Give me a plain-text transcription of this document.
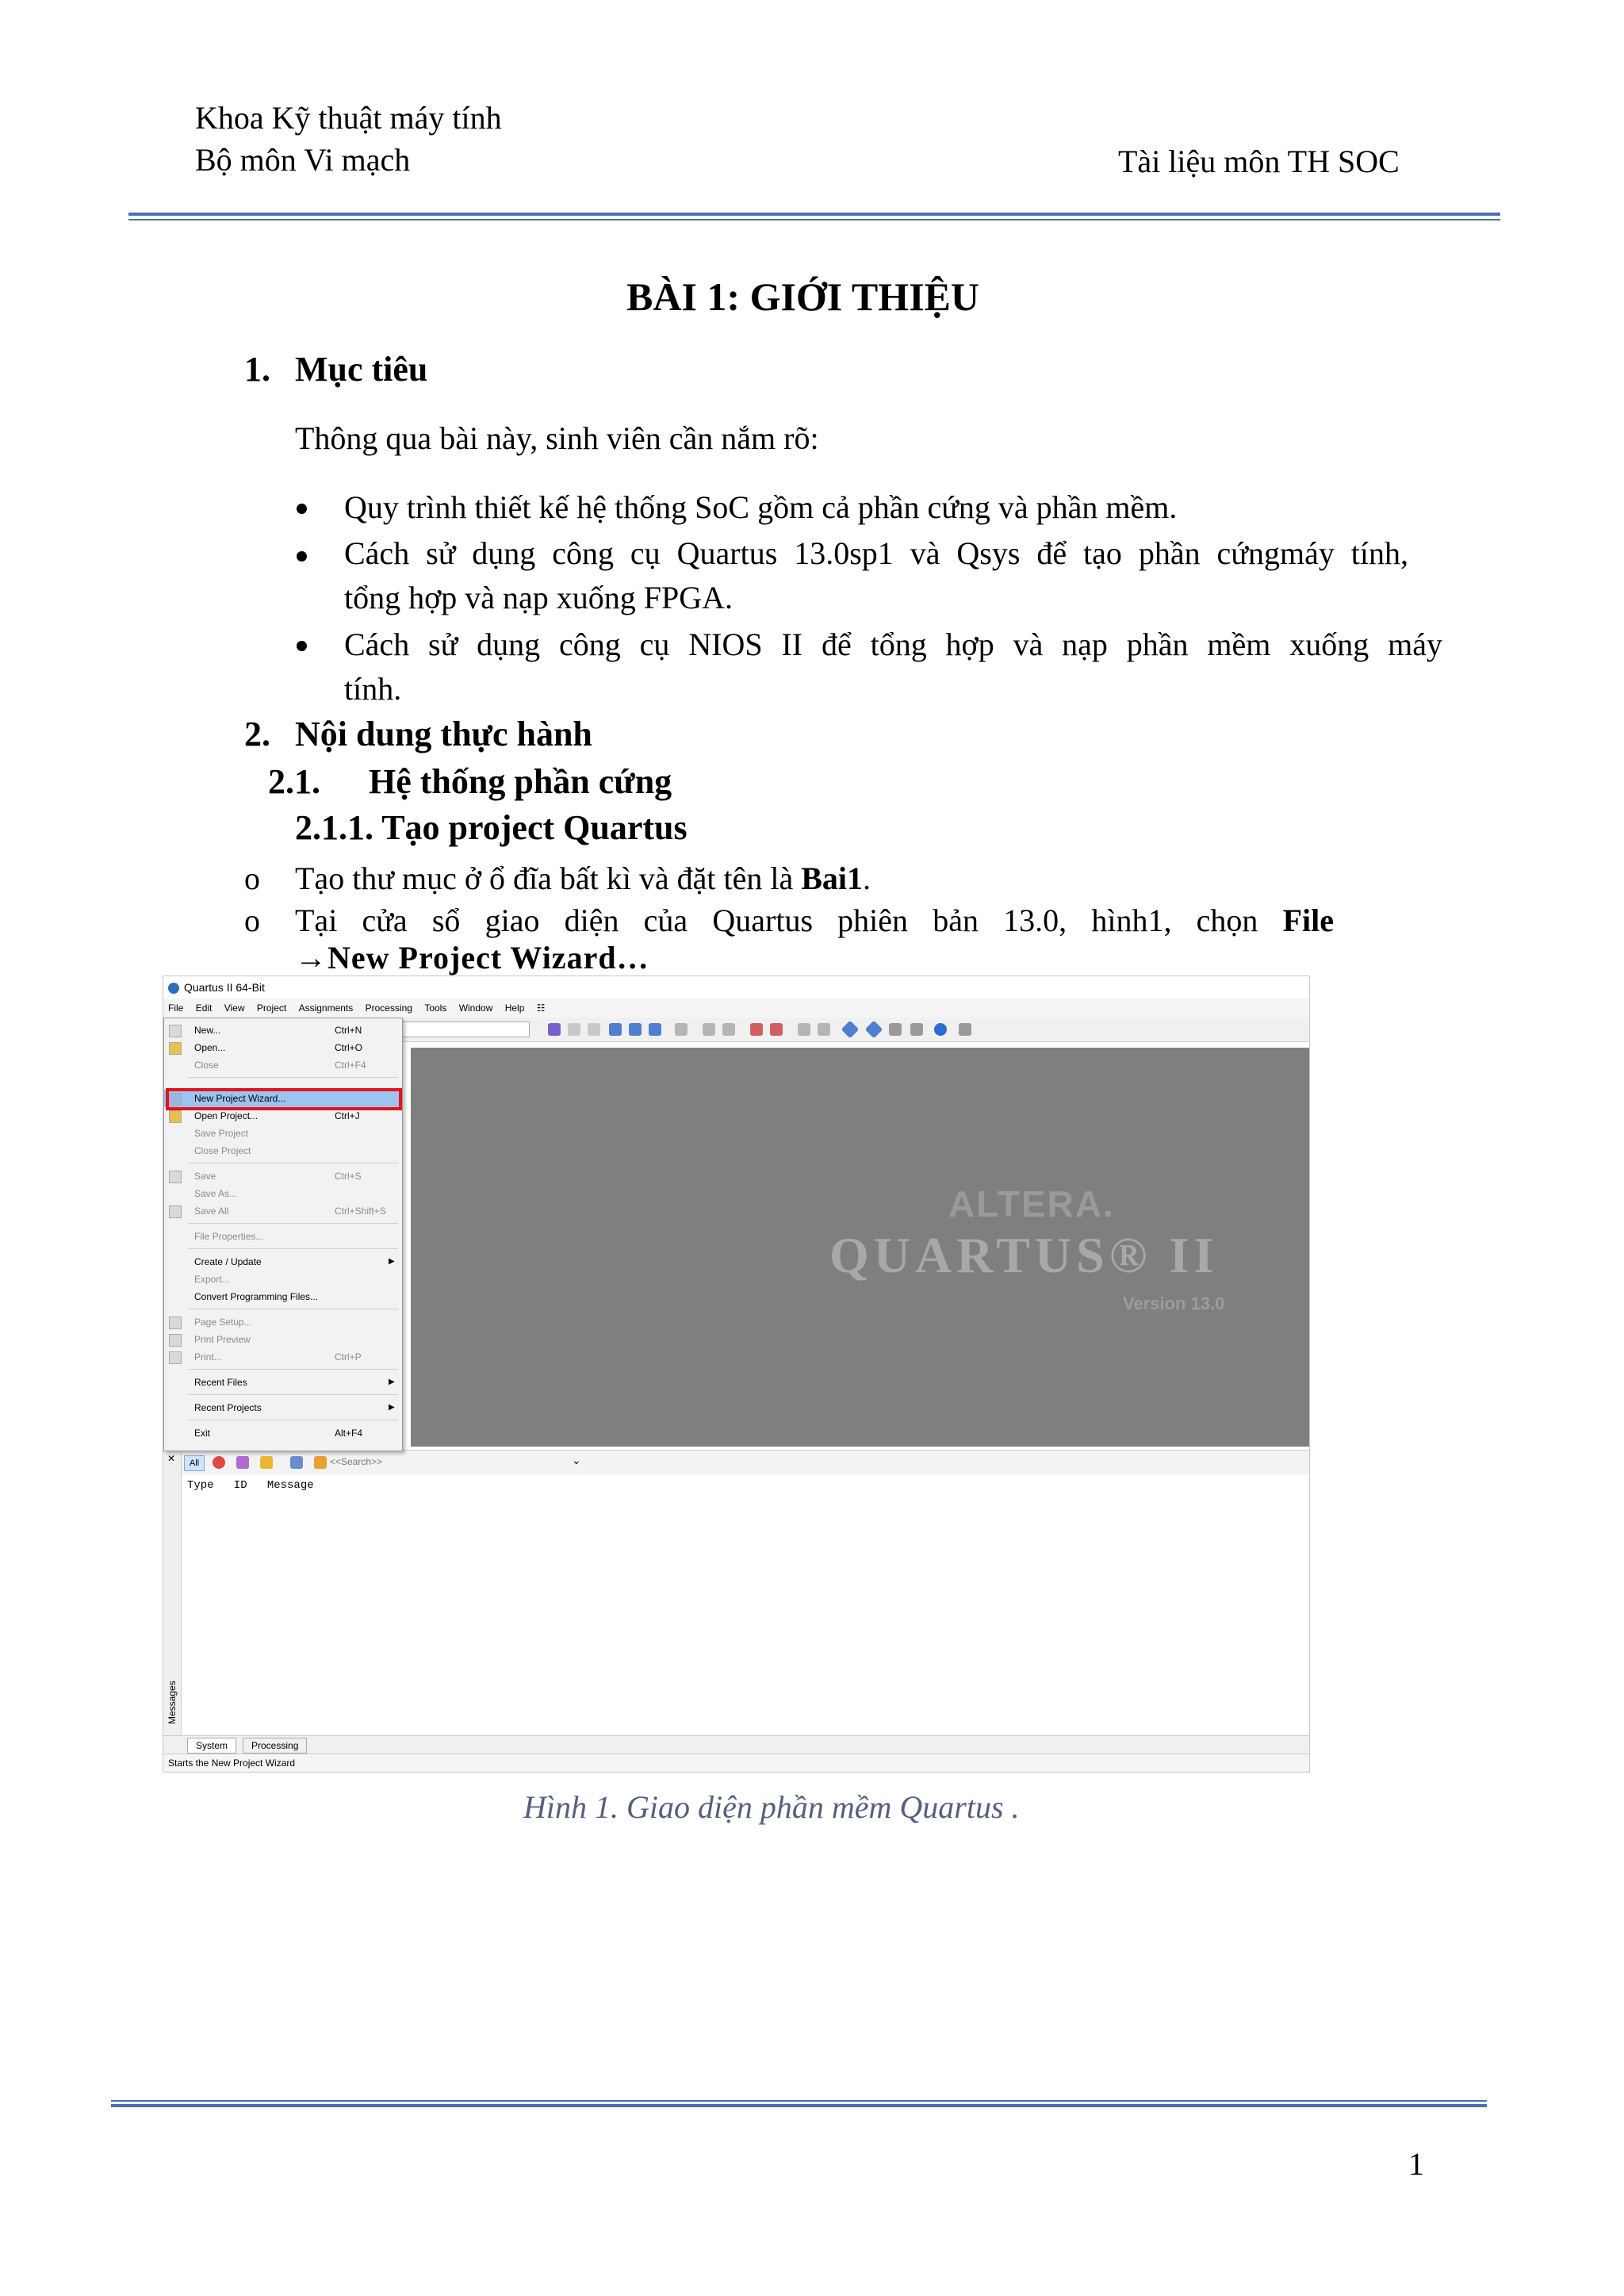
Khoa Kỹ thuật máy tính
Bộ môn Vi mạch	Tài liệu môn TH SOC
BÀI 1: GIỚI THIỆU
1. Mục tiêu
Thông qua bài này, sinh viên cần nắm rõ:
Quy trình thiết kế hệ thống SoC gồm cả phần cứng và phần mềm.
Cách sử dụng công cụ Quartus 13.0sp1 và Qsys để tạo phần cứngmáy tính,
tổng hợp và nạp xuống FPGA.
Cách sử dụng công cụ NIOS II để tổng hợp và nạp phần mềm xuống máy
tính.
2. Nội dung thực hành
2.1. Hệ thống phần cứng
2.1.1. Tạo project Quartus
o Tạo thư mục ở ổ đĩa bất kì và đặt tên là Bai1.
o Tại cửa sổ giao diện của Quartus phiên bản 13.0, hình1, chọn File
→New Project Wizard…
Quartus II 64-Bit
File Edit View Project Assignments Processing Tools Window Help ☷
ALTERA.
QUARTUS® II
Version 13.0
All	<<Search>>	⌄
Type   ID   Message
✕
Messages
System	Processing
Starts the New Project Wizard
New...	Ctrl+N
Open...	Ctrl+O
Close	Ctrl+F4
New Project Wizard...
Open Project...	Ctrl+J
Save Project
Close Project
Save	Ctrl+S
Save As...
Save All	Ctrl+Shift+S
File Properties...
Create / Update	▶
Export...
Convert Programming Files...
Page Setup...
Print Preview
Print...	Ctrl+P
Recent Files	▶
Recent Projects	▶
Exit	Alt+F4
Hình 1. Giao diện phần mềm Quartus .
1
